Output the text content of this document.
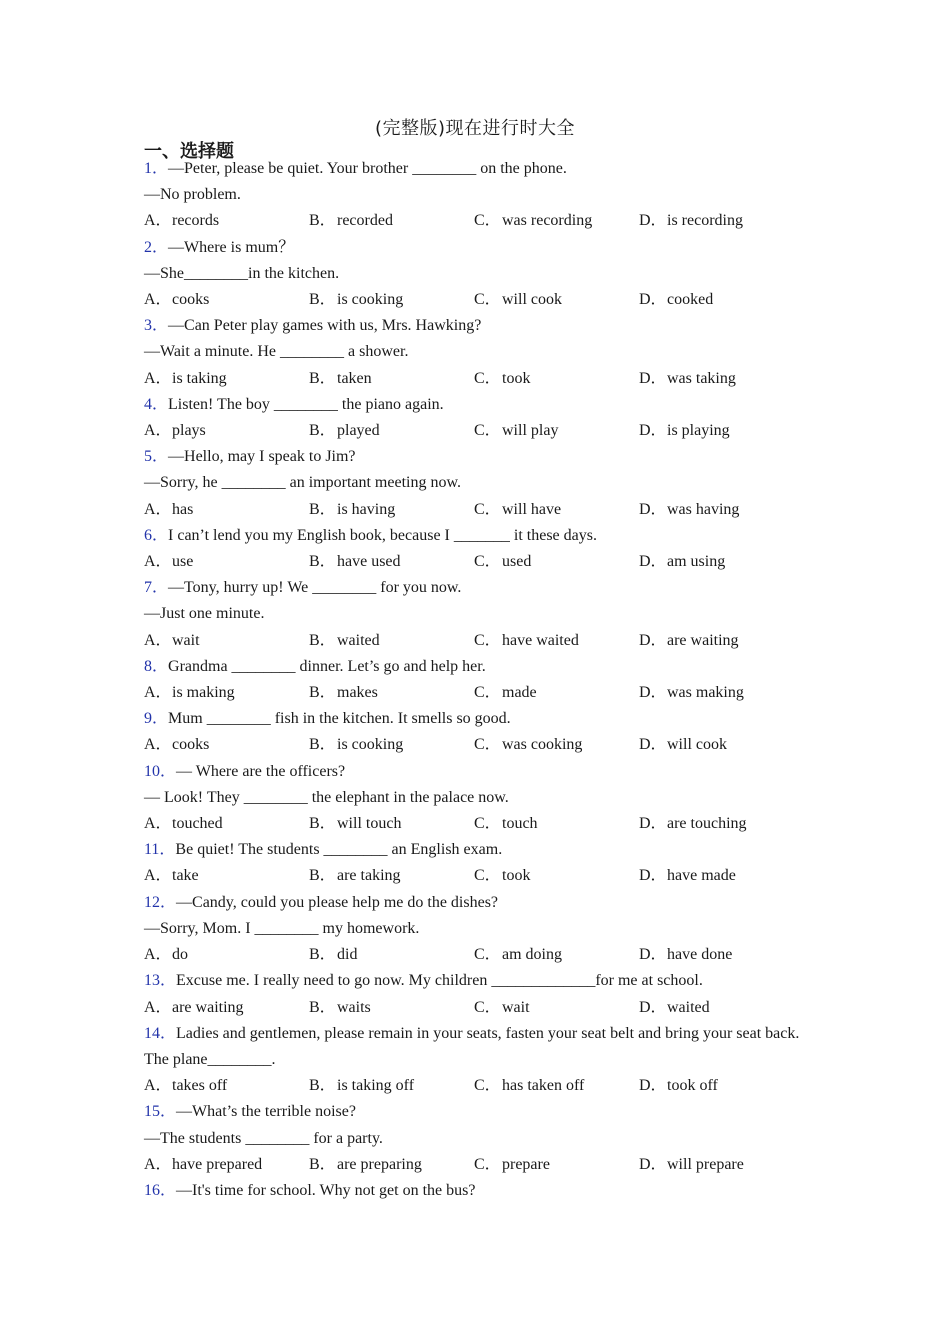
(完整版)现在进行时大全
一、选择题
1．—Peter, please be quiet. Your brother ________ on the phone.
—No problem.
A．records	B．recorded	C．was recording	D．is recording
2．—Where is mum？
—She________in the kitchen.
A．cooks	B．is cooking	C．will cook	D．cooked
3．—Can Peter play games with us, Mrs. Hawking?
—Wait a minute. He ________ a shower.
A．is taking	B．taken	C．took	D．was taking
4．Listen! The boy ________ the piano again.
A．plays	B．played	C．will play	D．is playing
5．—Hello, may I speak to Jim?
—Sorry, he ________ an important meeting now.
A．has	B．is having	C．will have	D．was having
6．I can’t lend you my English book, because I _______ it these days.
A．use	B．have used	C．used	D．am using
7．—Tony, hurry up! We ________ for you now.
—Just one minute.
A．wait	B．waited	C．have waited	D．are waiting
8．Grandma ________ dinner. Let’s go and help her.
A．is making	B．makes	C．made	D．was making
9．Mum ________ fish in the kitchen. It smells so good.
A．cooks	B．is cooking	C．was cooking	D．will cook
10．— Where are the officers?
— Look! They ________ the elephant in the palace now.
A．touched	B．will touch	C．touch	D．are touching
11．Be quiet! The students ________ an English exam.
A．take	B．are taking	C．took	D．have made
12．—Candy, could you please help me do the dishes?
—Sorry, Mom. I ________ my homework.
A．do	B．did	C．am doing	D．have done
13．Excuse me. I really need to go now. My children _____________for me at school.
A．are waiting	B．waits	C．wait	D．waited
14．Ladies and gentlemen, please remain in your seats, fasten your seat belt and bring your seat back. The plane________.
A．takes off	B．is taking off	C．has taken off	D．took off
15．—What’s the terrible noise?
—The students ________ for a party.
A．have prepared	B．are preparing	C．prepare	D．will prepare
16．—It's time for school. Why not get on the bus?
